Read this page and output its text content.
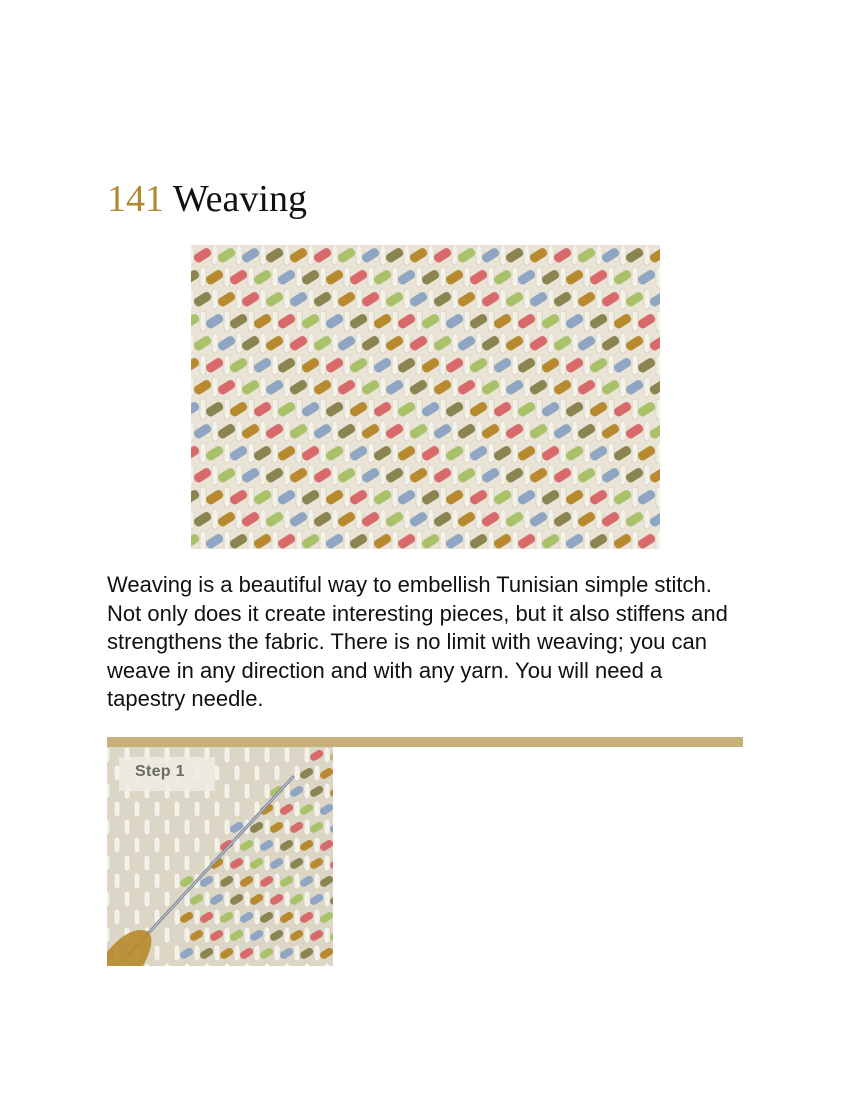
141 Weaving

Weaving is a beautiful way to embellish Tunisian simple stitch. Not only does it create interesting pieces, but it also stiffens and strengthens the fabric. There is no limit with weaving; you can weave in any direction and with any yarn. You will need a tapestry needle.

Step 1
